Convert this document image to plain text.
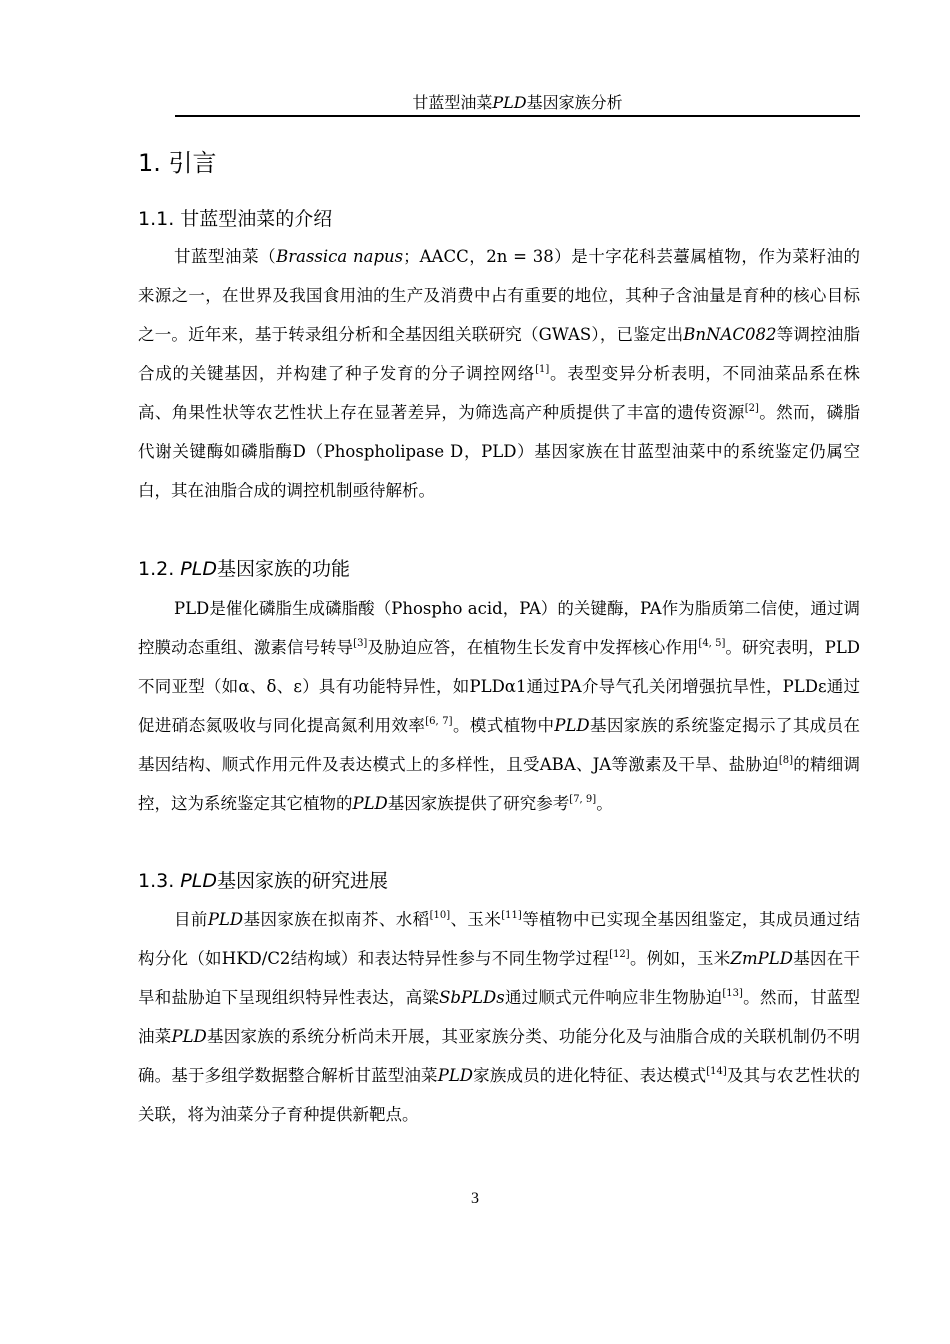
甘蓝型油菜PLD基因家族分析
1. 引言
1.1. 甘蓝型油菜的介绍
甘蓝型油菜（Brassica napus；AACC，2n = 38）是十字花科芸薹属植物，作为菜籽油的来源之一，在世界及我国食用油的生产及消费中占有重要的地位，其种子含油量是育种的核心目标之一。近年来，基于转录组分析和全基因组关联研究（GWAS），已鉴定出BnNAC082等调控油脂合成的关键基因，并构建了种子发育的分子调控网络[1]。表型变异分析表明，不同油菜品系在株高、角果性状等农艺性状上存在显著差异，为筛选高产种质提供了丰富的遗传资源[2]。然而，磷脂代谢关键酶如磷脂酶D（Phospholipase D，PLD）基因家族在甘蓝型油菜中的系统鉴定仍属空白，其在油脂合成的调控机制亟待解析。
1.2. PLD基因家族的功能
PLD是催化磷脂生成磷脂酸（Phospho acid，PA）的关键酶，PA作为脂质第二信使，通过调控膜动态重组、激素信号转导[3]及胁迫应答，在植物生长发育中发挥核心作用[4, 5]。研究表明，PLD不同亚型（如α、δ、ε）具有功能特异性，如PLDα1通过PA介导气孔关闭增强抗旱性，PLDε通过促进硝态氮吸收与同化提高氮利用效率[6, 7]。模式植物中PLD基因家族的系统鉴定揭示了其成员在基因结构、顺式作用元件及表达模式上的多样性，且受ABA、JA等激素及干旱、盐胁迫[8]的精细调控，这为系统鉴定其它植物的PLD基因家族提供了研究参考[7, 9]。
1.3. PLD基因家族的研究进展
目前PLD基因家族在拟南芥、水稻[10]、玉米[11]等植物中已实现全基因组鉴定，其成员通过结构分化（如HKD/C2结构域）和表达特异性参与不同生物学过程[12]。例如，玉米ZmPLD基因在干旱和盐胁迫下呈现组织特异性表达，高粱SbPLDs通过顺式元件响应非生物胁迫[13]。然而，甘蓝型油菜PLD基因家族的系统分析尚未开展，其亚家族分类、功能分化及与油脂合成的关联机制仍不明确。基于多组学数据整合解析甘蓝型油菜PLD家族成员的进化特征、表达模式[14]及其与农艺性状的关联，将为油菜分子育种提供新靶点。
3
